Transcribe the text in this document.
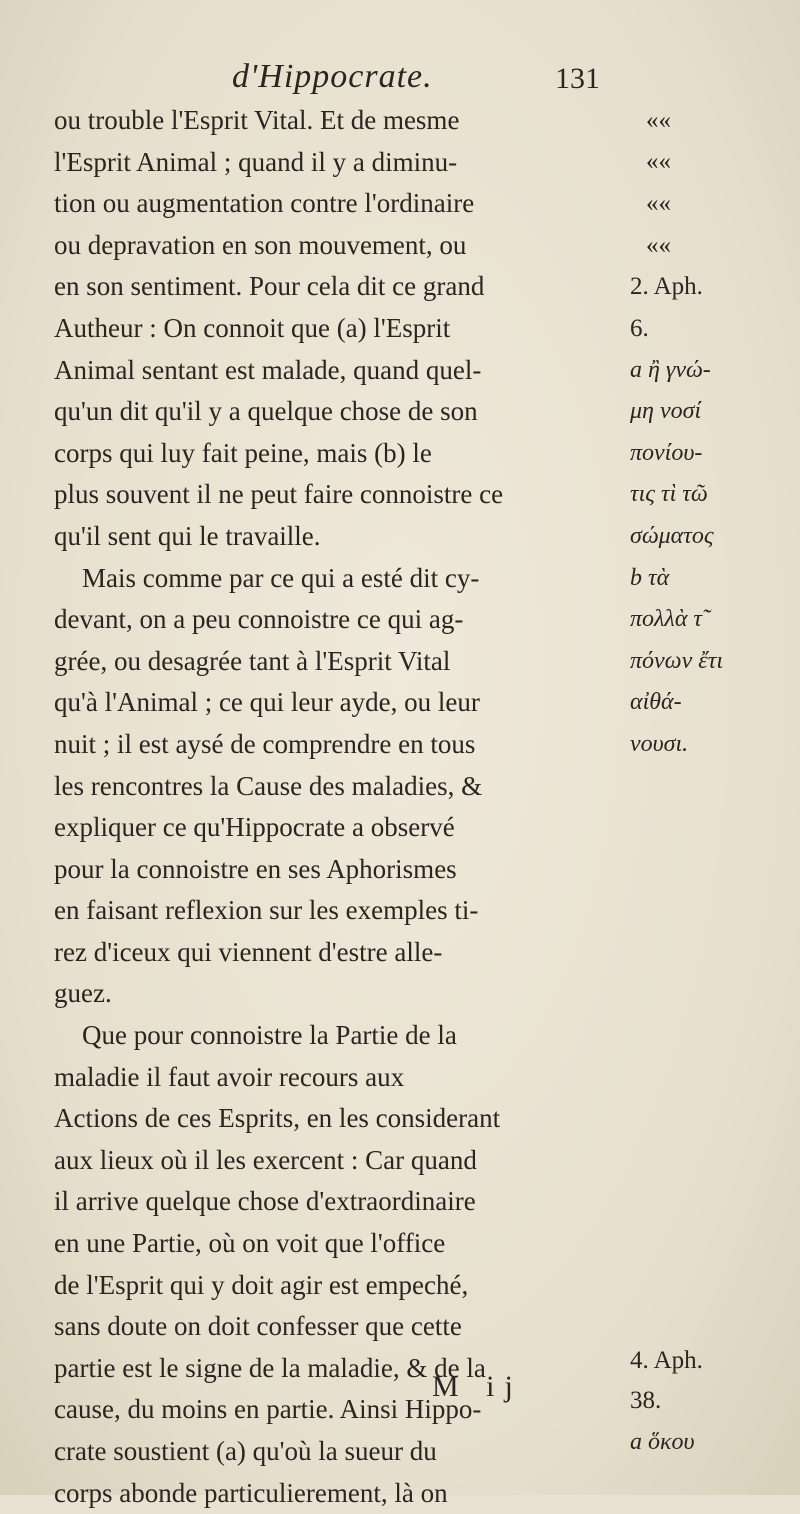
d'Hippocrate.	131
ou trouble l'Esprit Vital. Et de mesme
l'Esprit Animal ; quand il y a diminu-
tion ou augmentation contre l'ordinaire
ou depravation en son mouvement, ou
en son sentiment. Pour cela dit ce grand
Autheur : On connoit que (a) l'Esprit
Animal sentant est malade, quand quel-
qu'un dit qu'il y a quelque chose de son
corps qui luy fait peine, mais (b) le
plus souvent il ne peut faire connoistre ce
qu'il sent qui le travaille.
Mais comme par ce qui a esté dit cy-
devant, on a peu connoistre ce qui ag-
grée, ou desagrée tant à l'Esprit Vital
qu'à l'Animal ; ce qui leur ayde, ou leur
nuit ; il est aysé de comprendre en tous
les rencontres la Cause des maladies, &
expliquer ce qu'Hippocrate a observé
pour la connoistre en ses Aphorismes
en faisant reflexion sur les exemples ti-
rez d'iceux qui viennent d'estre alle-
guez.
Que pour connoistre la Partie de la
maladie il faut avoir recours aux
Actions de ces Esprits, en les considerant
aux lieux où il les exercent : Car quand
il arrive quelque chose d'extraordinaire
en une Partie, où on voit que l'office
de l'Esprit qui y doit agir est empeché,
sans doute on doit confesser que cette
partie est le signe de la maladie, & de la
cause, du moins en partie. Ainsi Hippo-
crate soustient (a) qu'où la sueur du
corps abonde particulierement, là on
««
««
««
««
2. Aph.
6.
a ἢ γνώ-
μη νοσί
πονίου-
τις τὶ τῶ
σώματος
b τὰ
πολλὰ τ̃
πόνων ἔτι
αἰθά-
νουσι.
4. Aph.
38.
a ὅκου
M ij
